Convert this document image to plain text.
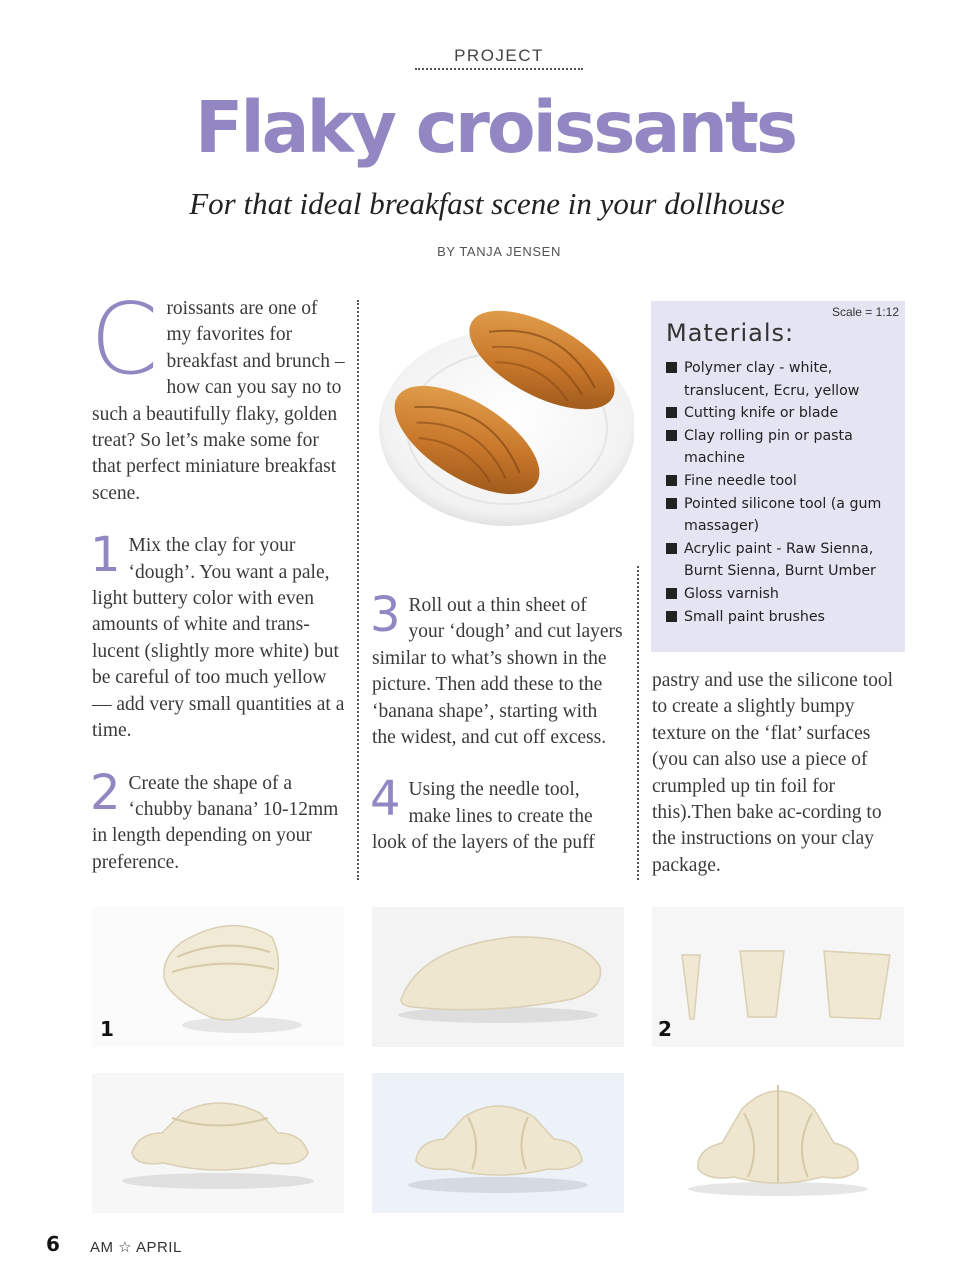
PROJECT
Flaky croissants
For that ideal breakfast scene in your dollhouse
BY TANJA JENSEN

Croissants are one of my favorites for breakfast and brunch – how can you say no to such a beautifully flaky, golden treat? So let’s make some for that perfect miniature breakfast scene.

1 Mix the clay for your ‘dough’. You want a pale, light buttery color with even amounts of white and trans-lucent (slightly more white) but be careful of too much yellow — add very small quantities at a time.

2 Create the shape of a ‘chubby banana’ 10-12mm in length depending on your preference.

3 Roll out a thin sheet of your ‘dough’ and cut layers similar to what’s shown in the picture. Then add these to the ‘banana shape’, starting with the widest, and cut off excess.

4 Using the needle tool, make lines to create the look of the layers of the puff

Scale = 1:12
Materials:
Polymer clay - white, translucent, Ecru, yellow
Cutting knife or blade
Clay rolling pin or pasta machine
Fine needle tool
Pointed silicone tool (a gum massager)
Acrylic paint - Raw Sienna, Burnt Sienna, Burnt Umber
Gloss varnish
Small paint brushes

pastry and use the silicone tool to create a slightly bumpy texture on the ‘flat’ surfaces (you can also use a piece of crumpled up tin foil for this).Then bake ac-cording to the instructions on your clay package.

1	2
6 AM ☆ APRIL
